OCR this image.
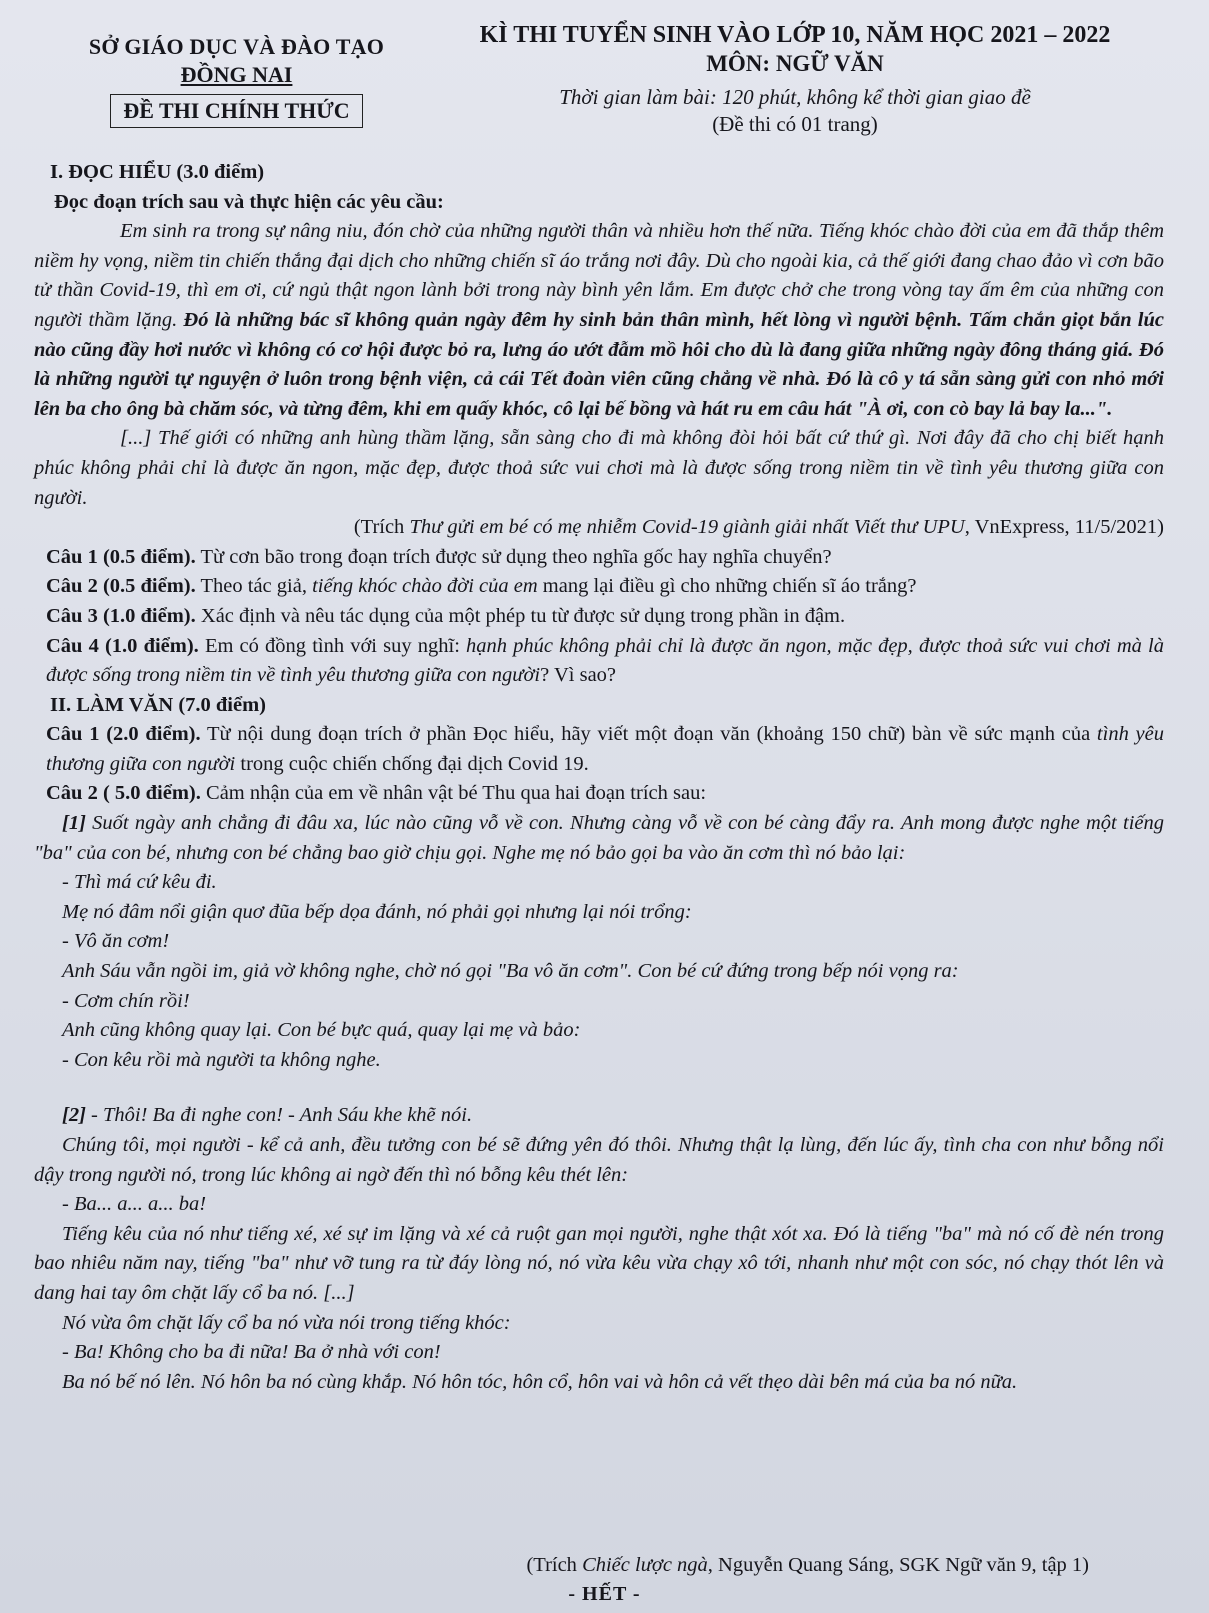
SỞ GIÁO DỤC VÀ ĐÀO TẠO
ĐỒNG NAI
ĐỀ THI CHÍNH THỨC
KÌ THI TUYỂN SINH VÀO LỚP 10, NĂM HỌC 2021 – 2022
MÔN: NGỮ VĂN
Thời gian làm bài: 120 phút, không kể thời gian giao đề
(Đề thi có 01 trang)

I. ĐỌC HIỂU (3.0 điểm)

Đọc đoạn trích sau và thực hiện các yêu cầu:

Em sinh ra trong sự nâng niu, đón chờ của những người thân và nhiều hơn thế nữa. Tiếng khóc chào đời của em đã thắp thêm niềm hy vọng, niềm tin chiến thắng đại dịch cho những chiến sĩ áo trắng nơi đây. Dù cho ngoài kia, cả thế giới đang chao đảo vì cơn bão tử thần Covid-19, thì em ơi, cứ ngủ thật ngon lành bởi trong này bình yên lắm. Em được chở che trong vòng tay ấm êm của những con người thầm lặng. Đó là những bác sĩ không quản ngày đêm hy sinh bản thân mình, hết lòng vì người bệnh. Tấm chắn giọt bắn lúc nào cũng đầy hơi nước vì không có cơ hội được bỏ ra, lưng áo ướt đẫm mồ hôi cho dù là đang giữa những ngày đông tháng giá. Đó là những người tự nguyện ở luôn trong bệnh viện, cả cái Tết đoàn viên cũng chẳng về nhà. Đó là cô y tá sẵn sàng gửi con nhỏ mới lên ba cho ông bà chăm sóc, và từng đêm, khi em quấy khóc, cô lại bế bồng và hát ru em câu hát "À ơi, con cò bay lả bay la...".

[...] Thế giới có những anh hùng thầm lặng, sẵn sàng cho đi mà không đòi hỏi bất cứ thứ gì. Nơi đây đã cho chị biết hạnh phúc không phải chỉ là được ăn ngon, mặc đẹp, được thoả sức vui chơi mà là được sống trong niềm tin về tình yêu thương giữa con người.

(Trích Thư gửi em bé có mẹ nhiễm Covid-19 giành giải nhất Viết thư UPU, VnExpress, 11/5/2021)

Câu 1 (0.5 điểm). Từ cơn bão trong đoạn trích được sử dụng theo nghĩa gốc hay nghĩa chuyển?

Câu 2 (0.5 điểm). Theo tác giả, tiếng khóc chào đời của em mang lại điều gì cho những chiến sĩ áo trắng?

Câu 3 (1.0 điểm). Xác định và nêu tác dụng của một phép tu từ được sử dụng trong phần in đậm.

Câu 4 (1.0 điểm). Em có đồng tình với suy nghĩ: hạnh phúc không phải chỉ là được ăn ngon, mặc đẹp, được thoả sức vui chơi mà là được sống trong niềm tin về tình yêu thương giữa con người? Vì sao?

II. LÀM VĂN (7.0 điểm)

Câu 1 (2.0 điểm). Từ nội dung đoạn trích ở phần Đọc hiểu, hãy viết một đoạn văn (khoảng 150 chữ) bàn về sức mạnh của tình yêu thương giữa con người trong cuộc chiến chống đại dịch Covid 19.

Câu 2 ( 5.0 điểm). Cảm nhận của em về nhân vật bé Thu qua hai đoạn trích sau:

[1] Suốt ngày anh chẳng đi đâu xa, lúc nào cũng vỗ về con. Nhưng càng vỗ về con bé càng đẩy ra. Anh mong được nghe một tiếng "ba" của con bé, nhưng con bé chẳng bao giờ chịu gọi. Nghe mẹ nó bảo gọi ba vào ăn cơm thì nó bảo lại:

- Thì má cứ kêu đi.

Mẹ nó đâm nổi giận quơ đũa bếp dọa đánh, nó phải gọi nhưng lại nói trổng:

- Vô ăn cơm!

Anh Sáu vẫn ngồi im, giả vờ không nghe, chờ nó gọi "Ba vô ăn cơm". Con bé cứ đứng trong bếp nói vọng ra:

- Cơm chín rồi!

Anh cũng không quay lại. Con bé bực quá, quay lại mẹ và bảo:

- Con kêu rồi mà người ta không nghe.

[2] - Thôi! Ba đi nghe con! - Anh Sáu khe khẽ nói.

Chúng tôi, mọi người - kể cả anh, đều tưởng con bé sẽ đứng yên đó thôi. Nhưng thật lạ lùng, đến lúc ấy, tình cha con như bỗng nổi dậy trong người nó, trong lúc không ai ngờ đến thì nó bỗng kêu thét lên:

- Ba... a... a... ba!

Tiếng kêu của nó như tiếng xé, xé sự im lặng và xé cả ruột gan mọi người, nghe thật xót xa. Đó là tiếng "ba" mà nó cố đè nén trong bao nhiêu năm nay, tiếng "ba" như vỡ tung ra từ đáy lòng nó, nó vừa kêu vừa chạy xô tới, nhanh như một con sóc, nó chạy thót lên và dang hai tay ôm chặt lấy cổ ba nó. [...]

Nó vừa ôm chặt lấy cổ ba nó vừa nói trong tiếng khóc:

- Ba! Không cho ba đi nữa! Ba ở nhà với con!

Ba nó bế nó lên. Nó hôn ba nó cùng khắp. Nó hôn tóc, hôn cổ, hôn vai và hôn cả vết thẹo dài bên má của ba nó nữa.

(Trích Chiếc lược ngà, Nguyễn Quang Sáng, SGK Ngữ văn 9, tập 1)
- HẾT -
